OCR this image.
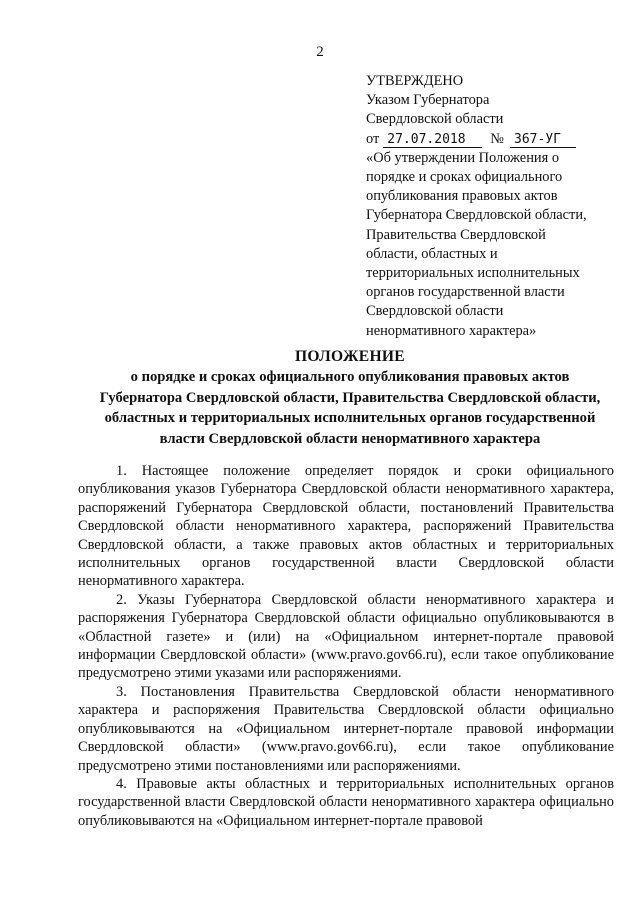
2
УТВЕРЖДЕНО
Указом Губернатора
Свердловской области
от 27.07.2018	№ 367-УГ
«Об утверждении Положения о
порядке и сроках официального
опубликования правовых актов
Губернатора Свердловской области,
Правительства Свердловской
области, областных и
территориальных исполнительных
органов государственной власти
Свердловской области
ненормативного характера»
ПОЛОЖЕНИЕ
о порядке и сроках официального опубликования правовых актов
Губернатора Свердловской области, Правительства Свердловской области,
областных и территориальных исполнительных органов государственной
власти Свердловской области ненормативного характера

1. Настоящее положение определяет порядок и сроки официального опубликования указов Губернатора Свердловской области ненормативного характера, распоряжений Губернатора Свердловской области, постановлений Правительства Свердловской области ненормативного характера, распоряжений Правительства Свердловской области, а также правовых актов областных и территориальных исполнительных органов государственной власти Свердловской области ненормативного характера.

2. Указы Губернатора Свердловской области ненормативного характера и распоряжения Губернатора Свердловской области официально опубликовываются в «Областной газете» и (или) на «Официальном интернет-портале правовой информации Свердловской области» (www.pravo.gov66.ru), если такое опубликование предусмотрено этими указами или распоряжениями.

3. Постановления Правительства Свердловской области ненормативного характера и распоряжения Правительства Свердловской области официально опубликовываются на «Официальном интернет-портале правовой информации Свердловской области» (www.pravo.gov66.ru), если такое опубликование предусмотрено этими постановлениями или распоряжениями.

4. Правовые акты областных и территориальных исполнительных органов государственной власти Свердловской области ненормативного характера официально опубликовываются на «Официальном интернет-портале правовой
